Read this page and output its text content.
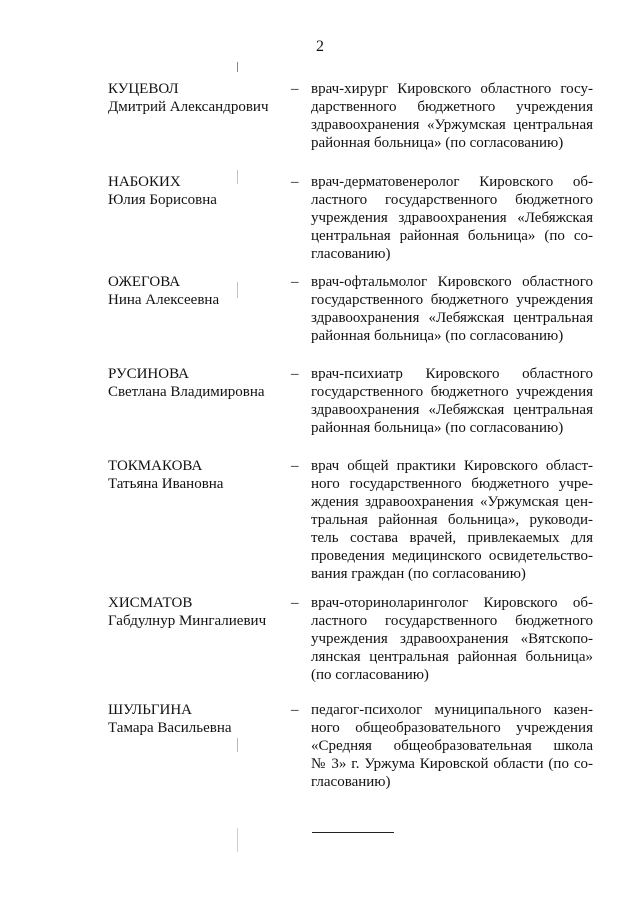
2
КУЦЕВОЛ
Дмитрий Александрович
– врач-хирург Кировского областного госу-
дарственного бюджетного учреждения
здравоохранения «Уржумская центральная
районная больница» (по согласованию)
НАБОКИХ
Юлия Борисовна
– врач-дерматовенеролог Кировского об-
ластного государственного бюджетного
учреждения здравоохранения «Лебяжская
центральная районная больница» (по со-
гласованию)
ОЖЕГОВА
Нина Алексеевна
– врач-офтальмолог Кировского областного
государственного бюджетного учреждения
здравоохранения «Лебяжская центральная
районная больница» (по согласованию)
РУСИНОВА
Светлана Владимировна
– врач-психиатр Кировского областного
государственного бюджетного учреждения
здравоохранения «Лебяжская центральная
районная больница» (по согласованию)
ТОКМАКОВА
Татьяна Ивановна
– врач общей практики Кировского област-
ного государственного бюджетного учре-
ждения здравоохранения «Уржумская цен-
тральная районная больница», руководи-
тель состава врачей, привлекаемых для
проведения медицинского освидетельство-
вания граждан (по согласованию)
ХИСМАТОВ
Габдулнур Мингалиевич
– врач-оториноларинголог Кировского об-
ластного государственного бюджетного
учреждения здравоохранения «Вятскопо-
лянская центральная районная больница»
(по согласованию)
ШУЛЬГИНА
Тамара Васильевна
– педагог-психолог муниципального казен-
ного общеобразовательного учреждения
«Средняя общеобразовательная школа
№ 3» г. Уржума Кировской области (по со-
гласованию)
